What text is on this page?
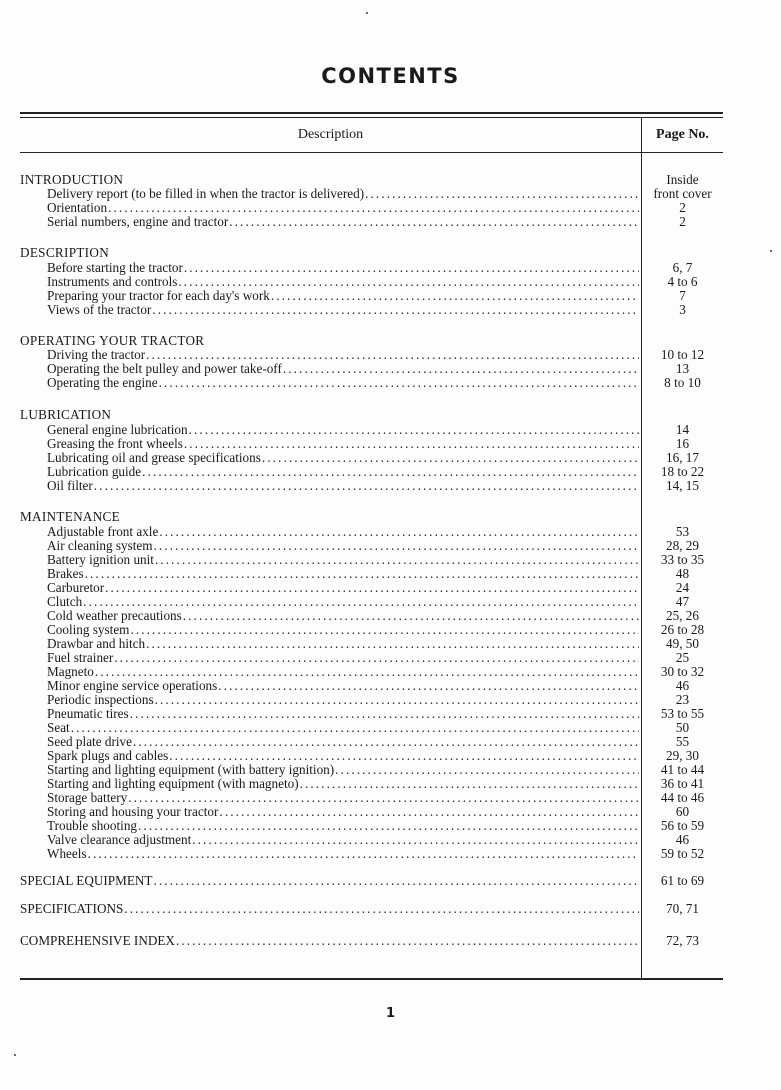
CONTENTS
Description	Page No.
INTRODUCTION	Inside
Delivery report (to be filled in when the tractor is delivered) .....	front cover
Orientation .....	2
Serial numbers, engine and tractor .....	2
DESCRIPTION
Before starting the tractor .....	6, 7
Instruments and controls .....	4 to 6
Preparing your tractor for each day's work .....	7
Views of the tractor .....	3
OPERATING YOUR TRACTOR
Driving the tractor .....	10 to 12
Operating the belt pulley and power take-off .....	13
Operating the engine .....	8 to 10
LUBRICATION
General engine lubrication .....	14
Greasing the front wheels .....	16
Lubricating oil and grease specifications .....	16, 17
Lubrication guide .....	18 to 22
Oil filter .....	14, 15
MAINTENANCE
Adjustable front axle .....	53
Air cleaning system .....	28, 29
Battery ignition unit .....	33 to 35
Brakes .....	48
Carburetor .....	24
Clutch .....	47
Cold weather precautions .....	25, 26
Cooling system .....	26 to 28
Drawbar and hitch .....	49, 50
Fuel strainer .....	25
Magneto .....	30 to 32
Minor engine service operations .....	46
Periodic inspections .....	23
Pneumatic tires .....	53 to 55
Seat .....	50
Seed plate drive .....	55
Spark plugs and cables .....	29, 30
Starting and lighting equipment (with battery ignition) .....	41 to 44
Starting and lighting equipment (with magneto) .....	36 to 41
Storage battery .....	44 to 46
Storing and housing your tractor .....	60
Trouble shooting .....	56 to 59
Valve clearance adjustment .....	46
Wheels .....	59 to 52
SPECIAL EQUIPMENT .....	61 to 69
SPECIFICATIONS .....	70, 71
COMPREHENSIVE INDEX .....	72, 73
1
